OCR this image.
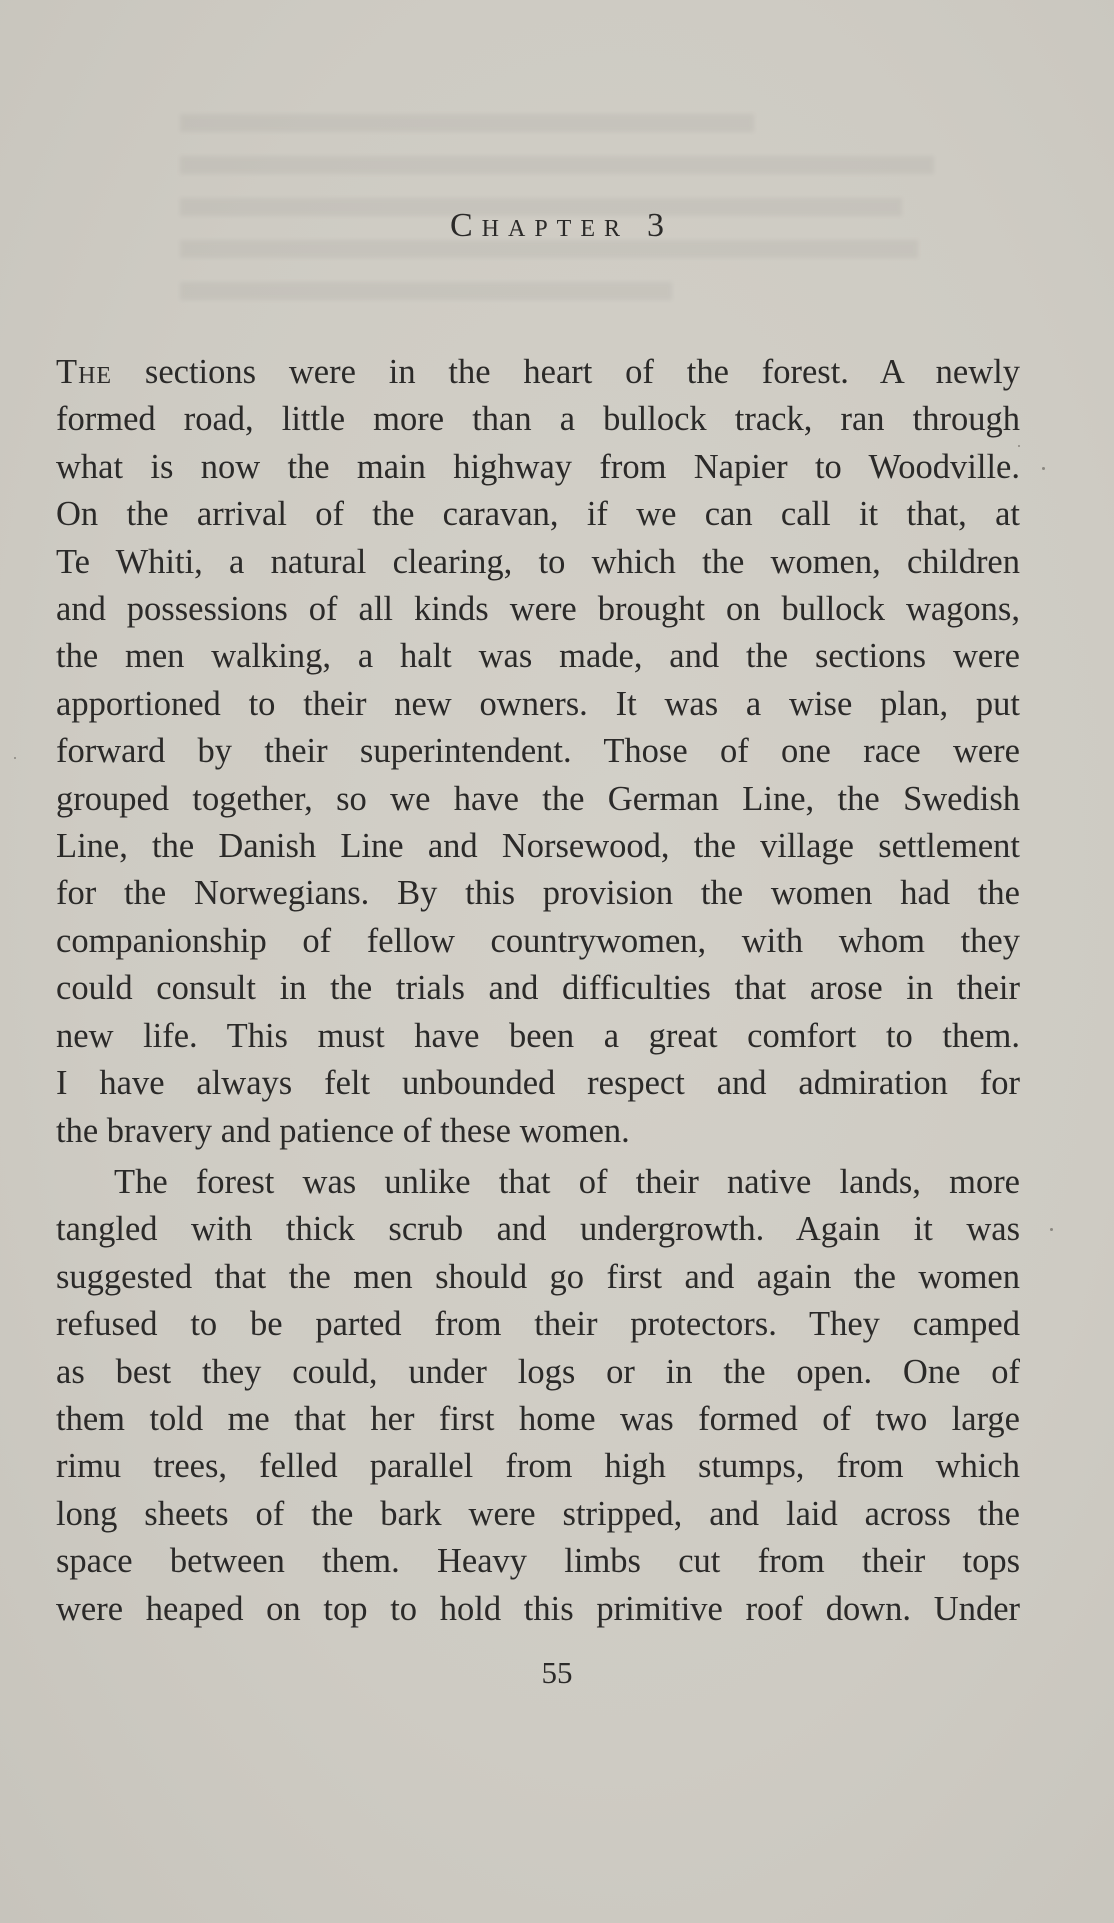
Chapter 3

The sections were in the heart of the forest. A newly

formed road, little more than a bullock track, ran through

what is now the main highway from Napier to Woodville.

On the arrival of the caravan, if we can call it that, at

Te Whiti, a natural clearing, to which the women, children

and possessions of all kinds were brought on bullock wagons,

the men walking, a halt was made, and the sections were

apportioned to their new owners. It was a wise plan, put

forward by their superintendent. Those of one race were

grouped together, so we have the German Line, the Swedish

Line, the Danish Line and Norsewood, the village settlement

for the Norwegians. By this provision the women had the

companionship of fellow countrywomen, with whom they

could consult in the trials and difficulties that arose in their

new life. This must have been a great comfort to them.

I have always felt unbounded respect and admiration for

the bravery and patience of these women.

The forest was unlike that of their native lands, more

tangled with thick scrub and undergrowth. Again it was

suggested that the men should go first and again the women

refused to be parted from their protectors. They camped

as best they could, under logs or in the open. One of

them told me that her first home was formed of two large

rimu trees, felled parallel from high stumps, from which

long sheets of the bark were stripped, and laid across the

space between them. Heavy limbs cut from their tops

were heaped on top to hold this primitive roof down. Under

55
